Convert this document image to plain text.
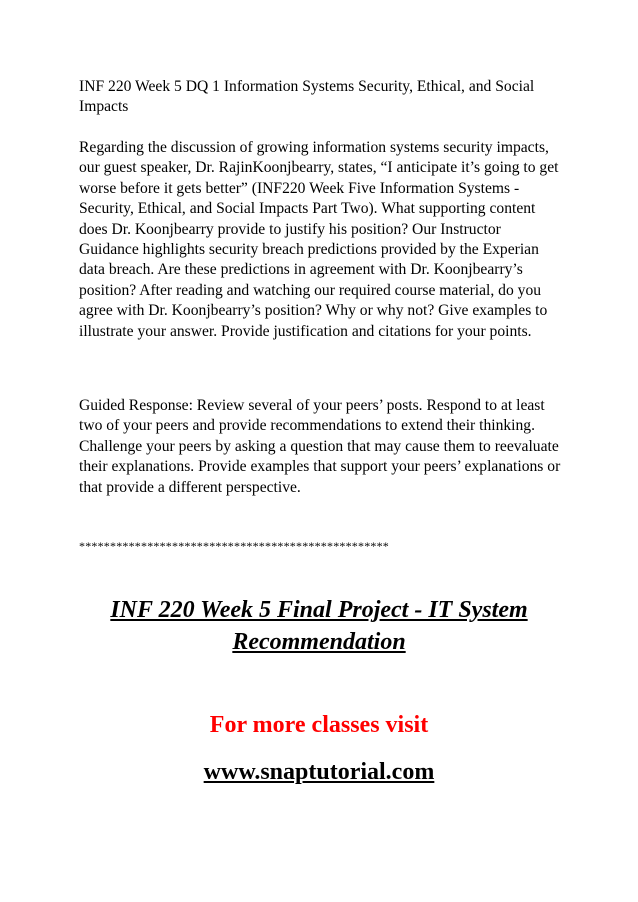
INF 220 Week 5 DQ 1 Information Systems Security, Ethical, and Social Impacts
Regarding the discussion of growing information systems security impacts, our guest speaker, Dr. RajinKoonjbearry, states, “I anticipate it’s going to get worse before it gets better” (INF220 Week Five Information Systems - Security, Ethical, and Social Impacts Part Two). What supporting content does Dr. Koonjbearry provide to justify his position? Our Instructor Guidance highlights security breach predictions provided by the Experian data breach. Are these predictions in agreement with Dr. Koonjbearry’s position? After reading and watching our required course material, do you agree with Dr. Koonjbearry’s position? Why or why not? Give examples to illustrate your answer. Provide justification and citations for your points.
Guided Response: Review several of your peers’ posts. Respond to at least two of your peers and provide recommendations to extend their thinking. Challenge your peers by asking a question that may cause them to reevaluate their explanations. Provide examples that support your peers’ explanations or that provide a different perspective.
**************************************************
INF 220 Week 5 Final Project - IT System Recommendation
For more classes visit
www.snaptutorial.com
